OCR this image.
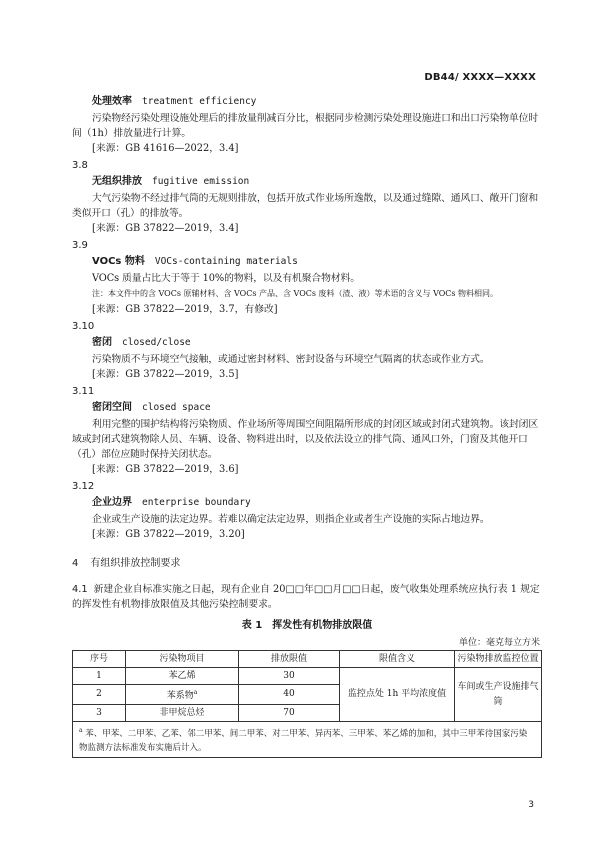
DB44/ XXXX—XXXX
处理效率 treatment efficiency
污染物经污染处理设施处理后的排放量削减百分比，根据同步检测污染处理设施进口和出口污染物单位时间（1h）排放量进行计算。
[来源：GB 41616—2022，3.4]
3.8
无组织排放 fugitive emission
大气污染物不经过排气筒的无规则排放，包括开放式作业场所逸散，以及通过缝隙、通风口、敞开门窗和类似开口（孔）的排放等。
[来源：GB 37822—2019，3.4]
3.9
VOCs 物料 VOCs-containing materials
VOCs 质量占比大于等于 10%的物料，以及有机聚合物材料。
注：本文件中的含 VOCs 原辅材料、含 VOCs 产品、含 VOCs 废料（渣、液）等术语的含义与 VOCs 物料相同。
[来源：GB 37822—2019，3.7，有修改]
3.10
密闭 closed/close
污染物质不与环境空气接触，或通过密封材料、密封设备与环境空气隔离的状态或作业方式。
[来源：GB 37822—2019，3.5]
3.11
密闭空间 closed space
利用完整的围护结构将污染物质、作业场所等周围空间阻隔所形成的封闭区域或封闭式建筑物。该封闭区域或封闭式建筑物除人员、车辆、设备、物料进出时，以及依法设立的排气筒、通风口外，门窗及其他开口（孔）部位应随时保持关闭状态。
[来源：GB 37822—2019，3.6]
3.12
企业边界 enterprise boundary
企业或生产设施的法定边界。若难以确定法定边界，则指企业或者生产设施的实际占地边界。
[来源：GB 37822—2019，3.20]
4 有组织排放控制要求
4.1 新建企业自标准实施之日起，现有企业自 20□□年□□月□□日起，废气收集处理系统应执行表 1 规定的挥发性有机物排放限值及其他污染控制要求。
表 1　挥发性有机物排放限值
单位：毫克每立方米
序号	污染物项目	排放限值	限值含义	污染物排放监控位置
1	苯乙烯	30	监控点处 1h 平均浓度值	车间或生产设施排气筒
2	苯系物$^a$	40		
3	非甲烷总烃	70		
$^a$ 苯、甲苯、二甲苯、乙苯、邻二甲苯、间二甲苯、对二甲苯、异丙苯、三甲苯、苯乙烯的加和，其中三甲苯待国家污染物监测方法标准发布实施后计入。				
3
